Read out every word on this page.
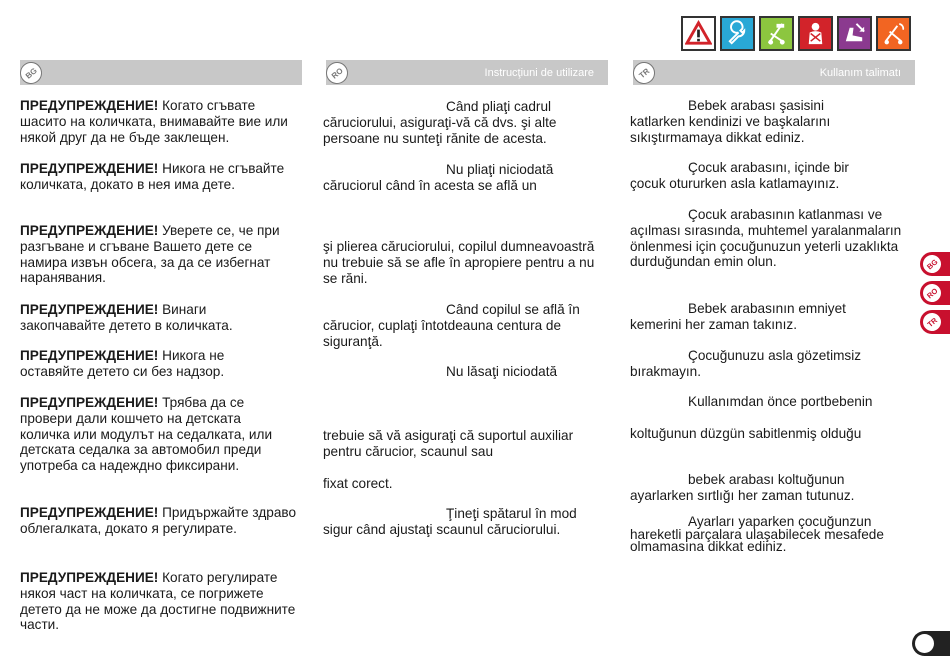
BG	RO	Instrucţiuni de utilizare	TR	Kullanım talimatı

ПРЕДУПРЕЖДЕНИЕ! Когато сгъвате шасито на количката, внимавайте вие или някой друг да не бъде заклещен.

ПРЕДУПРЕЖДЕНИЕ! Никога не сгъвайте количката, докато в нея има дете.

ПРЕДУПРЕЖДЕНИЕ! Уверете се, че при разгъване и сгъване Вашето дете се намира извън обсега, за да се избегнат наранявания.

ПРЕДУПРЕЖДЕНИЕ! Винаги закопчавайте детето в количката.

ПРЕДУПРЕЖДЕНИЕ! Никога не оставяйте детето си без надзор.

ПРЕДУПРЕЖДЕНИЕ! Трябва да се провери дали кошчето на детската количка или модулът на седалката, или детската седалка за автомобил преди употреба са надеждно фиксирани.

ПРЕДУПРЕЖДЕНИЕ! Придържайте здраво облегалката, докато я регулирате.

ПРЕДУПРЕЖДЕНИЕ! Когато регулирате някоя част на количката, се погрижете детето да не може да достигне подвижните части.

Când pliaţi cadrul căruciorului, asiguraţi-vă că dvs. şi alte persoane nu sunteţi rănite de acesta.

Nu pliaţi niciodată căruciorul când în acesta se află un

şi plierea căruciorului, copilul dumneavoastră nu trebuie să se afle în apropiere pentru a nu se răni.

Când copilul se află în cărucior, cuplaţi întotdeauna centura de siguranţă.

Nu lăsaţi niciodată

trebuie să vă asiguraţi că suportul auxiliar pentru cărucior, scaunul sau

fixat corect.

Ţineţi spătarul în mod sigur când ajustaţi scaunul căruciorului.

Bebek arabası şasisini katlarken kendinizi ve başkalarını sıkıştırmamaya dikkat ediniz.

Çocuk arabasını, içinde bir çocuk otururken asla katlamayınız.

Çocuk arabasının katlanması ve açılması sırasında, muhtemel yaralanmaların önlenmesi için çocuğunuzun yeterli uzaklıkta durduğundan emin olun.

Bebek arabasının emniyet kemerini her zaman takınız.

Çocuğunuzu asla gözetimsiz bırakmayın.

Kullanımdan önce portbebenin

koltuğunun düzgün sabitlenmiş olduğu

bebek arabası koltuğunun ayarlarken sırtlığı her zaman tutunuz.

Ayarları yaparken çocuğunzun hareketli parçalara ulaşabilecek mesafede olmamasına dikkat ediniz.

BG
RO
TR
